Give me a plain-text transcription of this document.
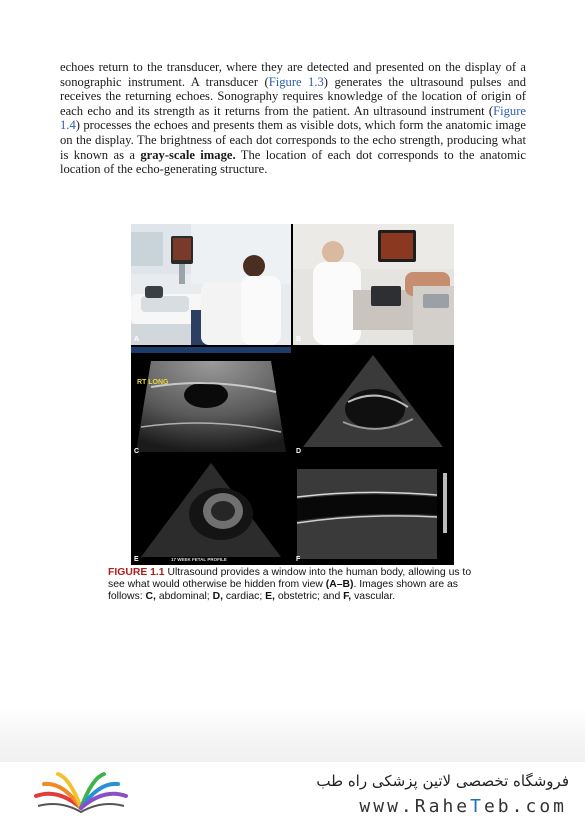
echoes return to the transducer, where they are detected and presented on the display of a sonographic instrument. A transducer (Figure 1.3) generates the ultrasound pulses and receives the returning echoes. Sonography requires knowledge of the location of origin of each echo and its strength as it returns from the patient. An ultrasound instrument (Figure 1.4) processes the echoes and presents them as visible dots, which form the anatomic image on the display. The brightness of each dot corresponds to the echo strength, producing what is known as a gray-scale image. The location of each dot corresponds to the anatomic location of the echo-generating structure.
A	B
RT LONG
C	D
17 WEEK FETAL PROFILE
E	F
FIGURE 1.1 Ultrasound provides a window into the human body, allowing us to see what would otherwise be hidden from view (A–B). Images shown are as follows: C, abdominal; D, cardiac; E, obstetric; and F, vascular.
فروشگاه تخصصی لاتین پزشکی راه طب
www.RaheTeb.com
